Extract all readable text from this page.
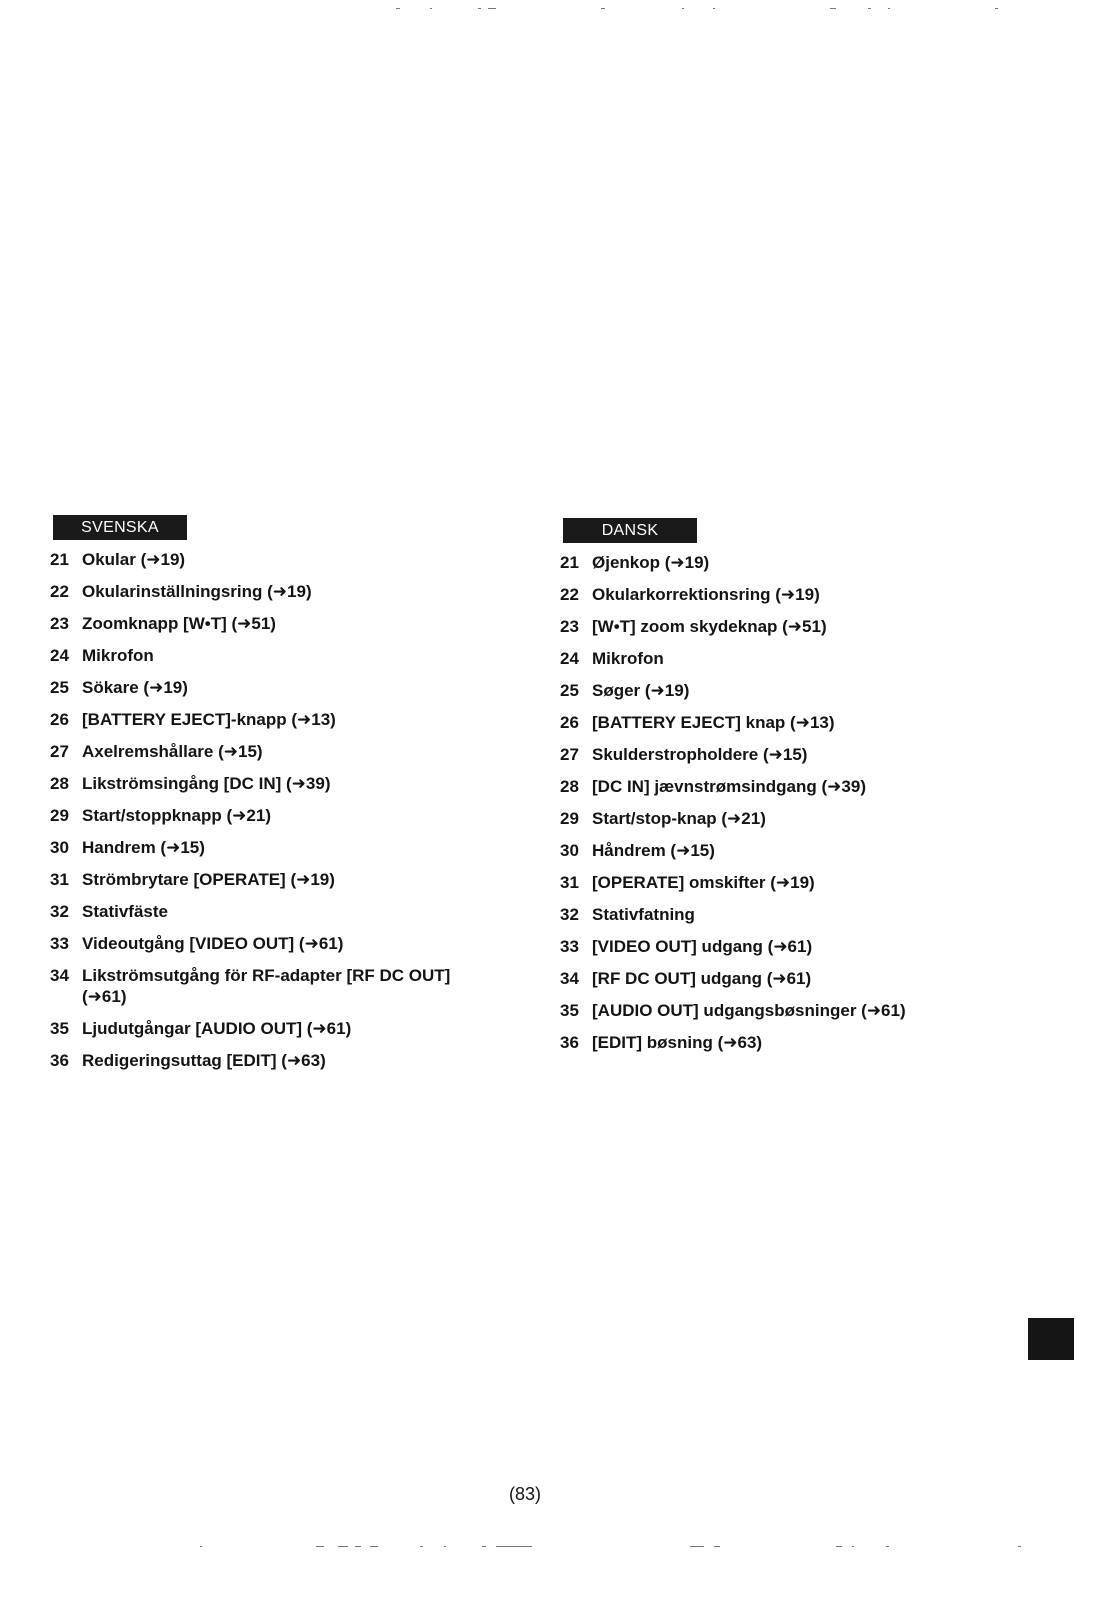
SVENSKA
21 Okular (➜19)
22 Okularinställningsring (➜19)
23 Zoomknapp [W•T] (➜51)
24 Mikrofon
25 Sökare (➜19)
26 [BATTERY EJECT]-knapp (➜13)
27 Axelremshållare (➜15)
28 Likströmsingång [DC IN] (➜39)
29 Start/stoppknapp (➜21)
30 Handrem (➜15)
31 Strömbrytare [OPERATE] (➜19)
32 Stativfäste
33 Videoutgång [VIDEO OUT] (➜61)
34 Likströmsutgång för RF-adapter [RF DC OUT] (➜61)
35 Ljudutgångar [AUDIO OUT] (➜61)
36 Redigeringsuttag [EDIT] (➜63)
DANSK
21 Øjenkop (➜19)
22 Okularkorrektionsring (➜19)
23 [W•T] zoom skydeknap (➜51)
24 Mikrofon
25 Søger (➜19)
26 [BATTERY EJECT] knap (➜13)
27 Skulderstropholdere (➜15)
28 [DC IN] jævnstrømsindgang (➜39)
29 Start/stop-knap (➜21)
30 Håndrem (➜15)
31 [OPERATE] omskifter (➜19)
32 Stativfatning
33 [VIDEO OUT] udgang (➜61)
34 [RF DC OUT] udgang (➜61)
35 [AUDIO OUT] udgangsbøsninger (➜61)
36 [EDIT] bøsning (➜63)
(83)
